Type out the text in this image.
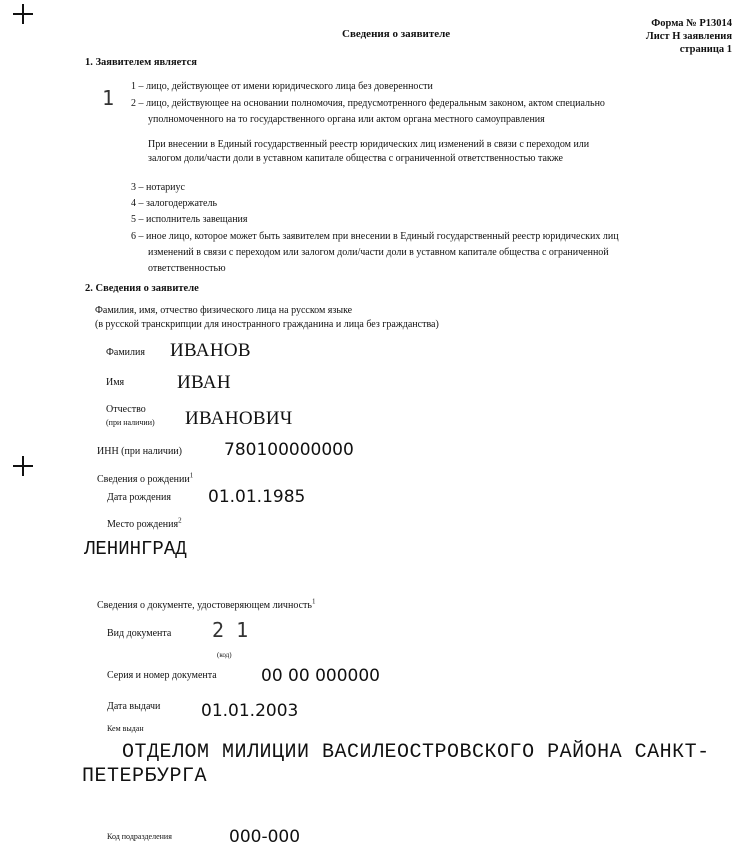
Сведения о заявителе
Форма № Р13014
Лист Н заявления
страница 1
1. Заявителем является
1 1 – лицо, действующее от имени юридического лица без доверенности
2 – лицо, действующее на основании полномочия, предусмотренного федеральным законом, актом специально
уполномоченного на то государственного органа или актом органа местного самоуправления
При внесении в Единый государственный реестр юридических лиц изменений в связи с переходом или
залогом доли/части доли в уставном капитале общества с ограниченной ответственностью также
3 – нотариус
4 – залогодержатель
5 – исполнитель завещания
6 – иное лицо, которое может быть заявителем при внесении в Единый государственный реестр юридических лиц
изменений в связи с переходом или залогом доли/части доли в уставном капитале общества с ограниченной
ответственностью
2. Сведения о заявителе
Фамилия, имя, отчество физического лица на русском языке
(в русской транскрипции для иностранного гражданина и лица без гражданства)
Фамилия ИВАНОВ
Имя	ИВАН
Отчество
(при наличии) ИВАНОВИЧ
ИНН (при наличии) 780100000000
Сведения о рождении$^1$
Дата рождения 01.01.1985
Место рождения$^2$
ЛЕНИНГРАД
Сведения о документе, удостоверяющем личность$^1$
Вид документа 2 1
(код)
Серия и номер документа	00 00 000000
Дата выдачи 01.01.2003
Кем выдан
ОТДЕЛОМ МИЛИЦИИ ВАСИЛЕОСТРОВСКОГО РАЙОНА САНКТ-
ПЕТЕРБУРГА
Код подразделения	000-000
